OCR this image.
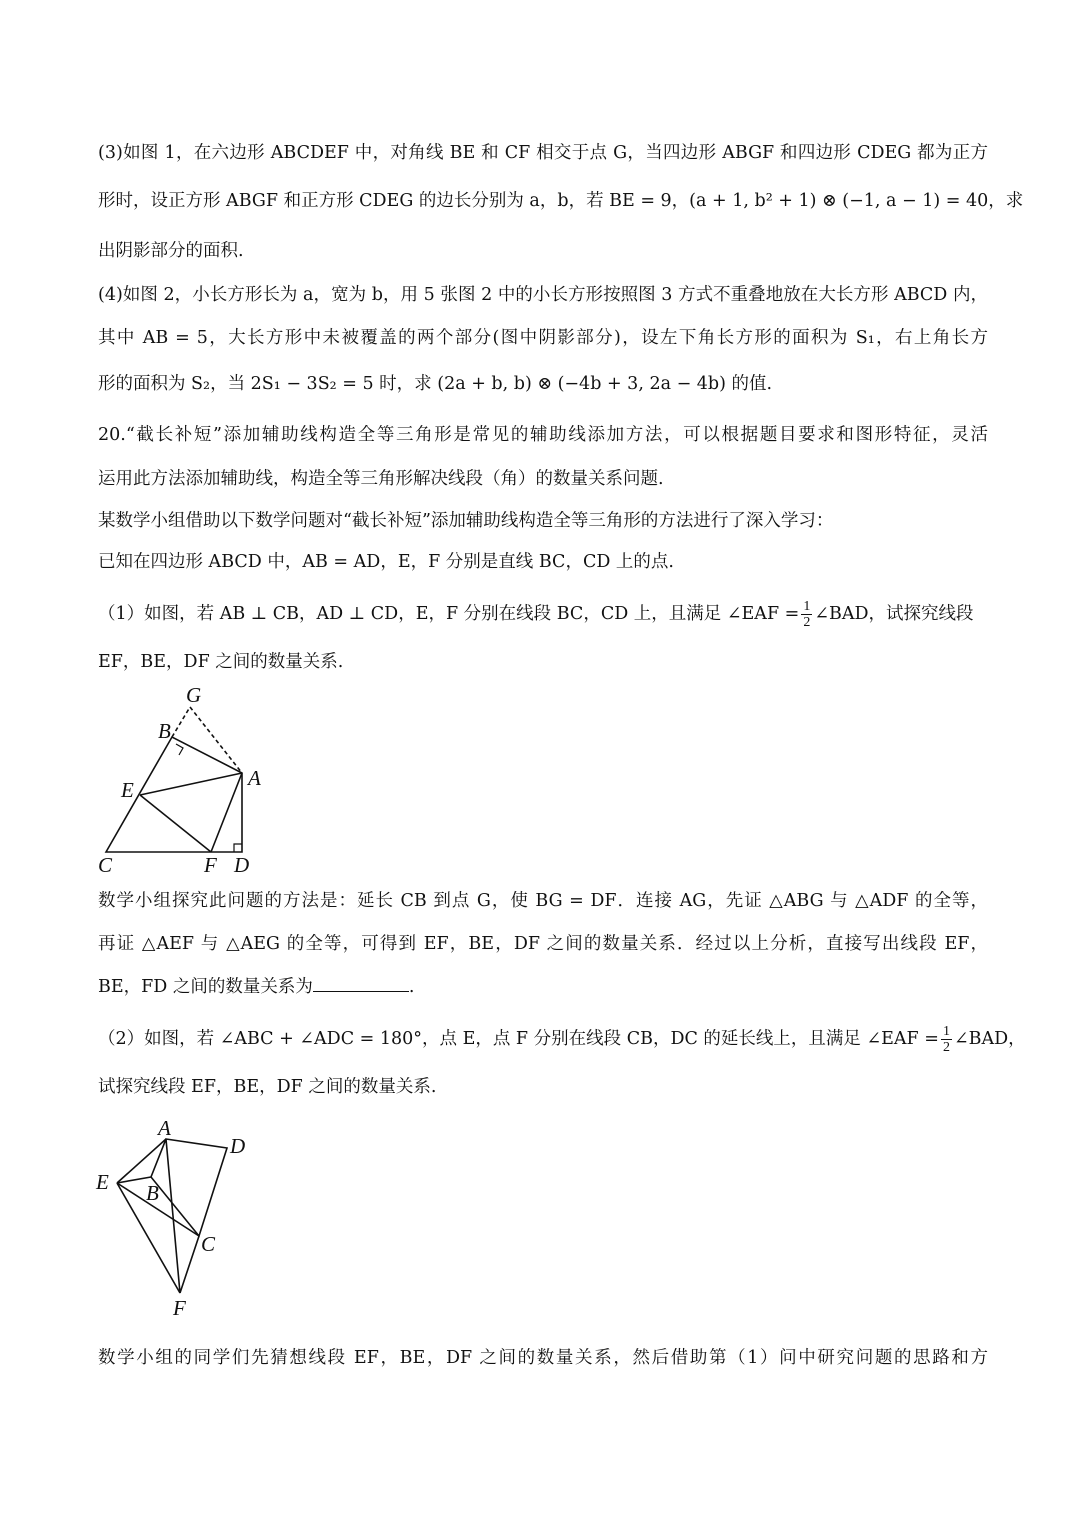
(3)如图 1，在六边形 ABCDEF 中，对角线 BE 和 CF 相交于点 G，当四边形 ABGF 和四边形 CDEG 都为正方
形时，设正方形 ABGF 和正方形 CDEG 的边长分别为 a，b，若 BE = 9，(a + 1, b² + 1) ⊗ (−1, a − 1) = 40，求
出阴影部分的面积.
(4)如图 2，小长方形长为 a，宽为 b，用 5 张图 2 中的小长方形按照图 3 方式不重叠地放在大长方形 ABCD 内，
其中 AB = 5，大长方形中未被覆盖的两个部分(图中阴影部分)，设左下角长方形的面积为 S₁，右上角长方
形的面积为 S₂，当 2S₁ − 3S₂ = 5 时，求 (2a + b, b) ⊗ (−4b + 3, 2a − 4b) 的值.
20.“截长补短”添加辅助线构造全等三角形是常见的辅助线添加方法，可以根据题目要求和图形特征，灵活
运用此方法添加辅助线，构造全等三角形解决线段（角）的数量关系问题.
某数学小组借助以下数学问题对“截长补短”添加辅助线构造全等三角形的方法进行了深入学习：
已知在四边形 ABCD 中，AB = AD，E，F 分别是直线 BC，CD 上的点.
（1）如图，若 AB ⊥ CB，AD ⊥ CD，E，F 分别在线段 BC，CD 上，且满足 ∠EAF = $\frac{1}{2}$ ∠BAD，试探究线段
EF，BE，DF 之间的数量关系.
G
B
A
E
C	F D
数学小组探究此问题的方法是：延长 CB 到点 G，使 BG = DF．连接 AG，先证 △ABG 与 △ADF 的全等，
再证 △AEF 与 △AEG 的全等，可得到 EF，BE，DF 之间的数量关系．经过以上分析，直接写出线段 EF，
BE，FD 之间的数量关系为	.
（2）如图，若 ∠ABC + ∠ADC = 180°，点 E，点 F 分别在线段 CB，DC 的延长线上，且满足 ∠EAF = $\frac{1}{2}$ ∠BAD，
试探究线段 EF，BE，DF 之间的数量关系.
A
D
E B
C
F
数学小组的同学们先猜想线段 EF，BE，DF 之间的数量关系，然后借助第（1）问中研究问题的思路和方
